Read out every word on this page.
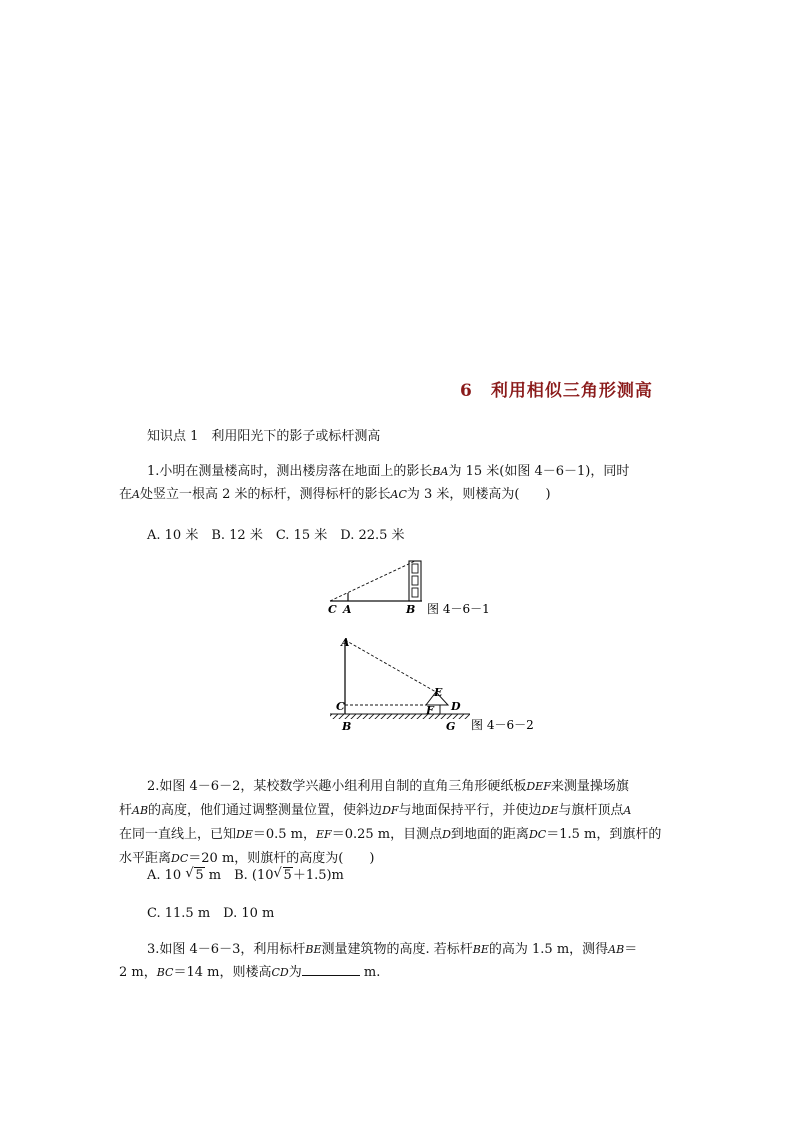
6 利用相似三角形测高
知识点 1　 利用阳光下的影子或标杆测高
1.小明在测量楼高时，测出楼房落在地面上的影长BA为 15 米(如图 4－6－1)，同时
在A处竖立一根高 2 米的标杆，测得标杆的影长AC为 3 米，则楼高为(　　)
A. 10 米　B. 12 米　C. 15 米　D. 22.5 米
C A	B 图 4－6－1
A
E
C	F D
B	G 图 4－6－2
2.如图 4－6－2，某校数学兴趣小组利用自制的直角三角形硬纸板DEF来测量操场旗
杆AB的高度，他们通过调整测量位置，使斜边DF与地面保持平行，并使边DE与旗杆顶点A
在同一直线上，已知DE＝0.5 m，EF＝0.25 m，目测点D到地面的距离DC＝1.5 m，到旗杆的
水平距离DC＝20 m，则旗杆的高度为(　　)
A. 10 √ 5 m　B. (10 √ 5＋1.5)m
C. 11.5 m　D. 10 m
3.如图 4－6－3，利用标杆BE测量建筑物的高度. 若标杆BE的高为 1.5 m，测得AB＝
2 m，BC＝14 m，则楼高CD为	m.
